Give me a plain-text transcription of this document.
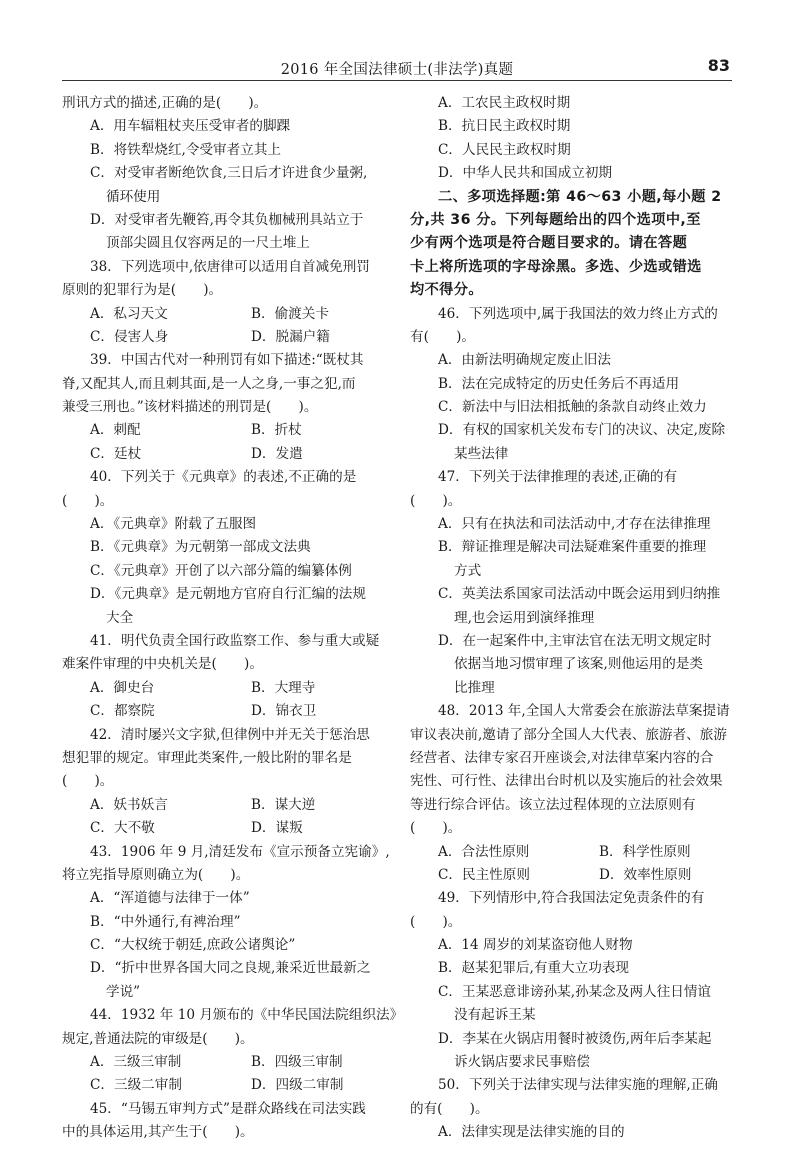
2016 年全国法律硕士(非法学)真题	83
刑讯方式的描述,正确的是(　　)。
A．用车辐粗杖夹压受审者的脚踝
B．将铁犁烧红,令受审者立其上
C．对受审者断绝饮食,三日后才许进食少量粥,
循环使用
D．对受审者先鞭笞,再令其负枷械刑具站立于
顶部尖圆且仅容两足的一尺土堆上
38．下列选项中,依唐律可以适用自首减免刑罚
原则的犯罪行为是(　　)。
A．私习天文	B．偷渡关卡
C．侵害人身	D．脱漏户籍
39．中国古代对一种刑罚有如下描述:“既杖其
脊,又配其人,而且刺其面,是一人之身,一事之犯,而
兼受三刑也。”该材料描述的刑罚是(　　)。
A．刺配	B．折杖
C．廷杖	D．发遣
40．下列关于《元典章》的表述,不正确的是
(　　)。
A．《元典章》附载了五服图
B．《元典章》为元朝第一部成文法典
C．《元典章》开创了以六部分篇的编纂体例
D．《元典章》是元朝地方官府自行汇编的法规
大全
41．明代负责全国行政监察工作、参与重大或疑
难案件审理的中央机关是(　　)。
A．御史台	B．大理寺
C．都察院	D．锦衣卫
42．清时屡兴文字狱,但律例中并无关于惩治思
想犯罪的规定。审理此类案件,一般比附的罪名是
(　　)。
A．妖书妖言	B．谋大逆
C．大不敬	D．谋叛
43．1906 年 9 月,清廷发布《宣示预备立宪谕》,
将立宪指导原则确立为(　　)。
A．“浑道德与法律于一体”
B．“中外通行,有裨治理”
C．“大权统于朝廷,庶政公诸舆论”
D．“折中世界各国大同之良规,兼采近世最新之
学说”
44．1932 年 10 月颁布的《中华民国法院组织法》
规定,普通法院的审级是(　　)。
A．三级三审制	B．四级三审制
C．三级二审制	D．四级二审制
45．“马锡五审判方式”是群众路线在司法实践
中的具体运用,其产生于(　　)。
A．工农民主政权时期
B．抗日民主政权时期
C．人民民主政权时期
D．中华人民共和国成立初期
二、多项选择题:第 46～63 小题,每小题 2
分,共 36 分。下列每题给出的四个选项中,至
少有两个选项是符合题目要求的。请在答题
卡上将所选项的字母涂黑。多选、少选或错选
均不得分。
46．下列选项中,属于我国法的效力终止方式的
有(　　)。
A．由新法明确规定废止旧法
B．法在完成特定的历史任务后不再适用
C．新法中与旧法相抵触的条款自动终止效力
D．有权的国家机关发布专门的决议、决定,废除
某些法律
47．下列关于法律推理的表述,正确的有
(　　)。
A．只有在执法和司法活动中,才存在法律推理
B．辩证推理是解决司法疑难案件重要的推理
方式
C．英美法系国家司法活动中既会运用到归纳推
理,也会运用到演绎推理
D．在一起案件中,主审法官在法无明文规定时
依据当地习惯审理了该案,则他运用的是类
比推理
48．2013 年,全国人大常委会在旅游法草案提请
审议表决前,邀请了部分全国人大代表、旅游者、旅游
经营者、法律专家召开座谈会,对法律草案内容的合
宪性、可行性、法律出台时机以及实施后的社会效果
等进行综合评估。该立法过程体现的立法原则有
(　　)。
A．合法性原则	B．科学性原则
C．民主性原则	D．效率性原则
49．下列情形中,符合我国法定免责条件的有
(　　)。
A．14 周岁的刘某盗窃他人财物
B．赵某犯罪后,有重大立功表现
C．王某恶意诽谤孙某,孙某念及两人往日情谊
没有起诉王某
D．李某在火锅店用餐时被烫伤,两年后李某起
诉火锅店要求民事赔偿
50．下列关于法律实现与法律实施的理解,正确
的有(　　)。
A．法律实现是法律实施的目的
